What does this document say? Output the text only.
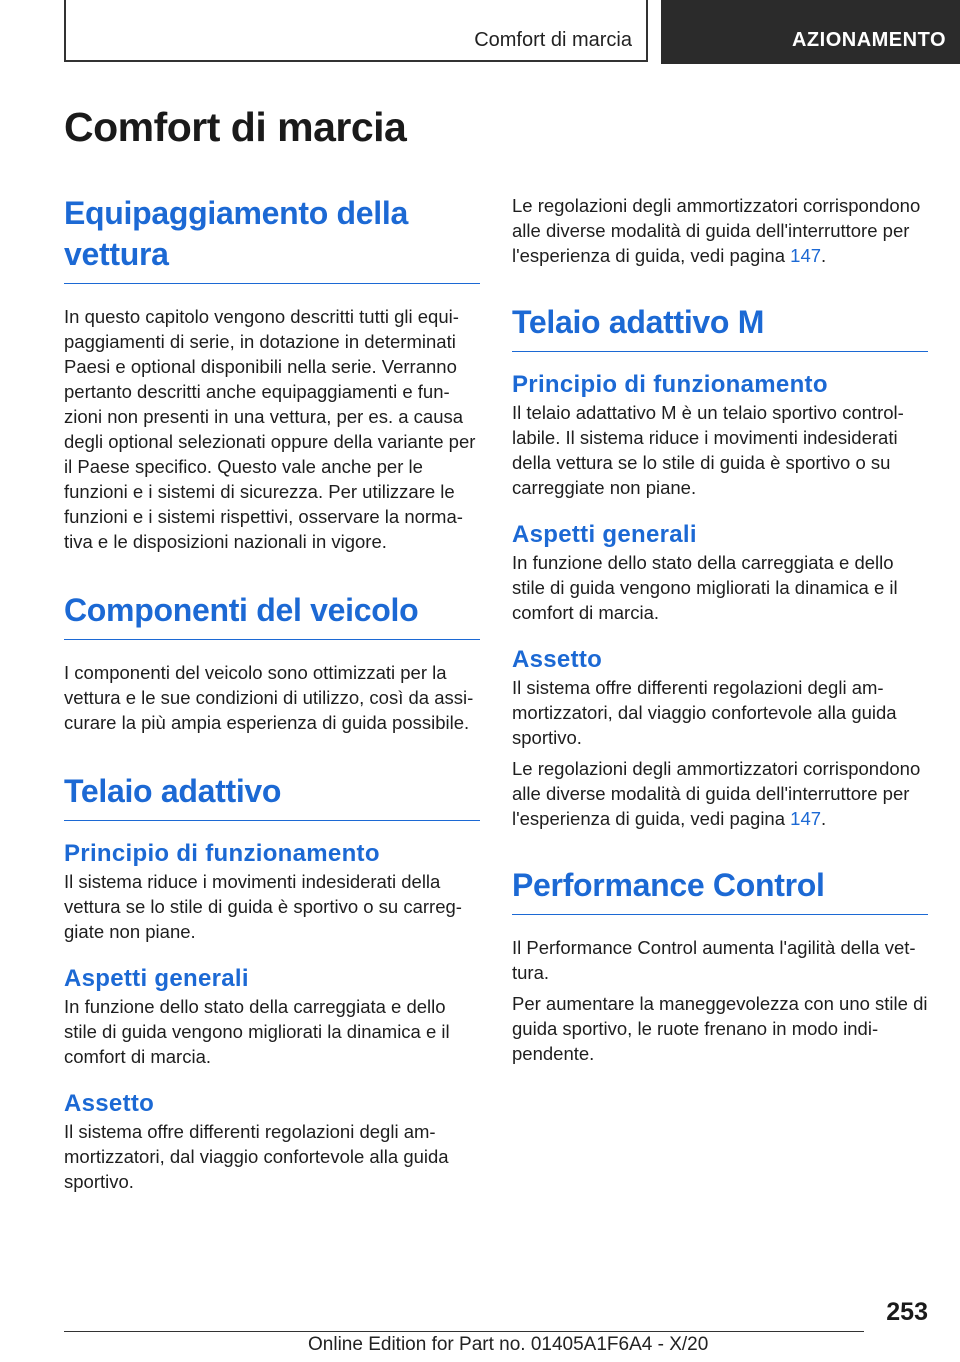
Comfort di marcia	AZIONAMENTO
Comfort di marcia
Equipaggiamento della vettura

In questo capitolo vengono descritti tutti gli equipaggiamenti di serie, in dotazione in determinati Paesi e optional disponibili nella serie. Verranno pertanto descritti anche equipaggiamenti e funzioni non presenti in una vettura, per es. a causa degli optional selezionati oppure della variante per il Paese specifico. Questo vale anche per le funzioni e i sistemi di sicurezza. Per utilizzare le funzioni e i sistemi rispettivi, osservare la normativa e le disposizioni nazionali in vigore.

Componenti del veicolo

I componenti del veicolo sono ottimizzati per la vettura e le sue condizioni di utilizzo, così da assicurare la più ampia esperienza di guida possibile.

Telaio adattivo
Principio di funzionamento

Il sistema riduce i movimenti indesiderati della vettura se lo stile di guida è sportivo o su carreggiate non piane.

Aspetti generali

In funzione dello stato della carreggiata e dello stile di guida vengono migliorati la dinamica e il comfort di marcia.

Assetto

Il sistema offre differenti regolazioni degli ammortizzatori, dal viaggio confortevole alla guida sportivo.

Le regolazioni degli ammortizzatori corrispondono alle diverse modalità di guida dell'interruttore per l'esperienza di guida, vedi pagina 147.

Telaio adattivo M
Principio di funzionamento

Il telaio adattativo M è un telaio sportivo controllabile. Il sistema riduce i movimenti indesiderati della vettura se lo stile di guida è sportivo o su carreggiate non piane.

Aspetti generali

In funzione dello stato della carreggiata e dello stile di guida vengono migliorati la dinamica e il comfort di marcia.

Assetto

Il sistema offre differenti regolazioni degli ammortizzatori, dal viaggio confortevole alla guida sportivo.

Le regolazioni degli ammortizzatori corrispondono alle diverse modalità di guida dell'interruttore per l'esperienza di guida, vedi pagina 147.

Performance Control

Il Performance Control aumenta l'agilità della vettura.

Per aumentare la maneggevolezza con uno stile di guida sportivo, le ruote frenano in modo indipendente.

253
Online Edition for Part no. 01405A1F6A4 - X/20
